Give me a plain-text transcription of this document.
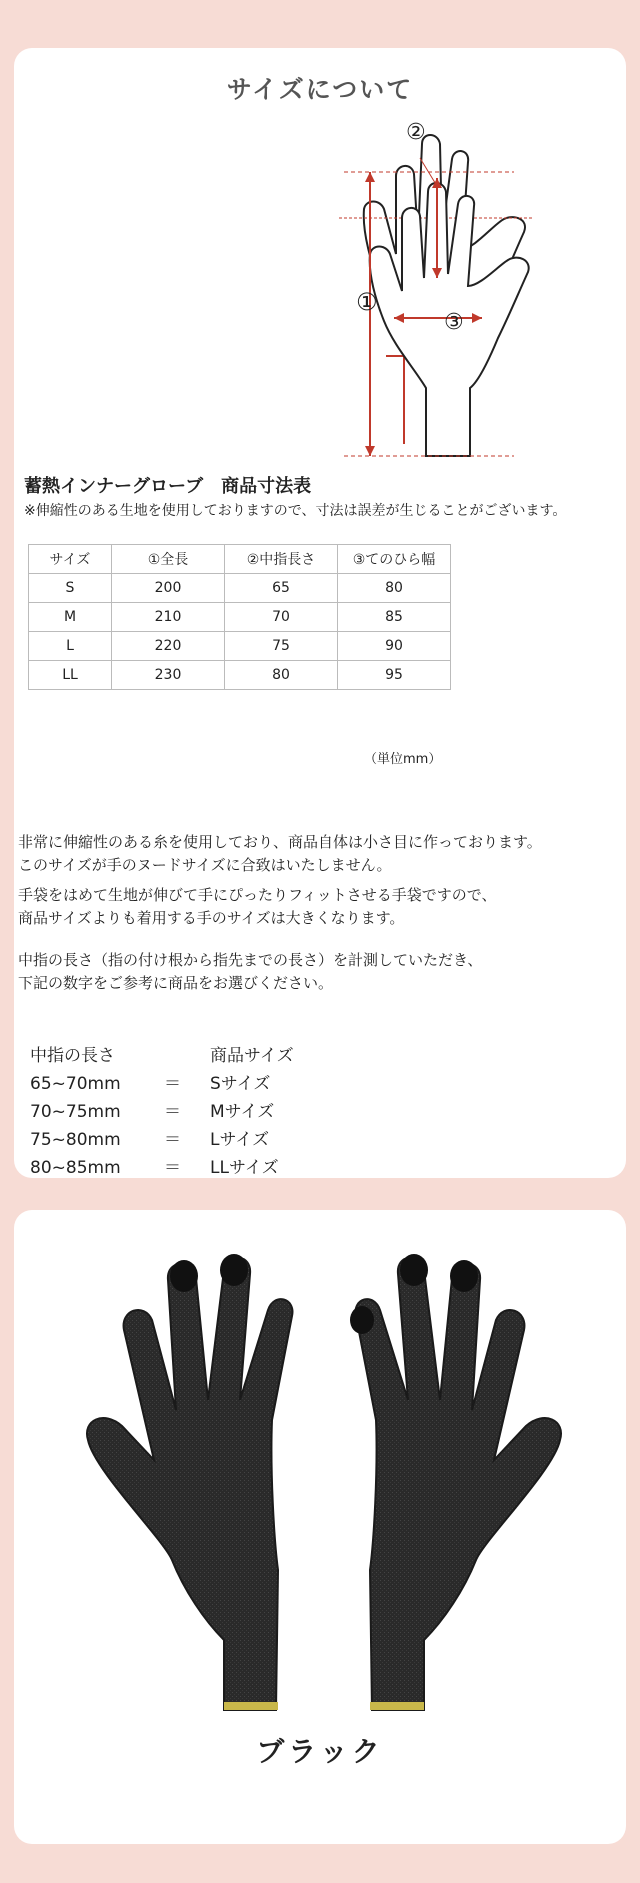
サイズについて
①
②
③
蓄熱インナーグローブ　商品寸法表
※伸縮性のある生地を使用しておりますので、寸法は誤差が生じることがございます。
サイズ	①全長	②中指長さ	③てのひら幅
S	200	65	80
M	210	70	85
L	220	75	90
LL	230	80	95
（単位mm）
非常に伸縮性のある糸を使用しており、商品自体は小さ目に作っております。
このサイズが手のヌードサイズに合致はいたしません。
手袋をはめて生地が伸びて手にぴったりフィットさせる手袋ですので、
商品サイズよりも着用する手のサイズは大きくなります。
中指の長さ（指の付け根から指先までの長さ）を計測していただき、
下記の数字をご参考に商品をお選びください。
中指の長さ	商品サイズ
65~70mm	＝	Sサイズ
70~75mm	＝	Mサイズ
75~80mm	＝	Lサイズ
80~85mm	＝	LLサイズ
ブラック
